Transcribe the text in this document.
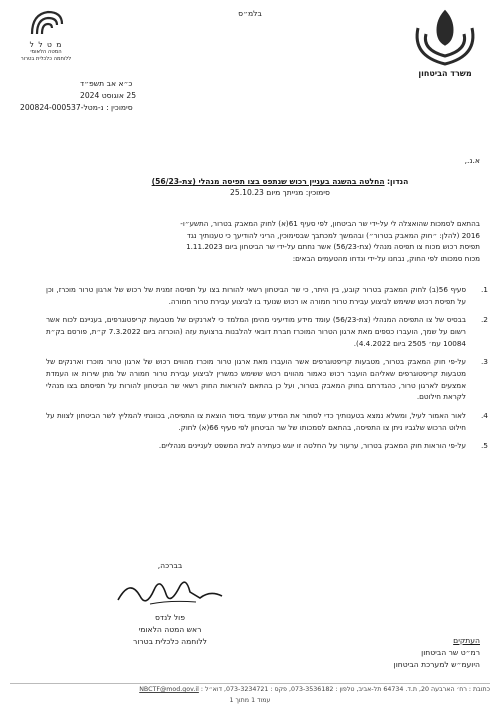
בלמ״ס
משרד הביטחון
מ ט ל ל
המטה הלאומי
ללוחמה כלכלית בטרור
כ״א אב תשפ״ד
25 אוגוסט 2024
סימוכין : נ-מטל-200824-000537
א.נ.,
הנדון: החלטה בהשגה בעניין רכוש שנתפס בצו תפיסה מנהלי (צת-56/23)
סימוכין: מנייתך מיום 25.10.23
בהתאם לסמכות שהואצלה לי על-ידי שר הביטחון, לפי סעיף 61(א) לחוק המאבק בטרור, התשע״ו-
2016 (להלן: ״חוק המאבק בטרור״) ובהמשך למכתבך שבסימוכין, הריני להודיעך כי טענותיך נגד
תפיסת רכוש מכוח צו תפיסה מנהלי (צת-56/23) אשר נחתם על-ידי שר הביטחון ביום 1.11.2023
מכוח סמכותו לפי החוק, נבחנו על-ידי ונדחו מהטעמים הבאים:
1.
סעיף 56(ב) לחוק המאבק בטרור קובע, בין היתר, כי שר הביטחון רשאי להורות בצו על תפיסה זמנית של רכוש של ארגון טרור מוכרז, וכן על תפיסת רכוש ששימש לביצוע עבירת טרור חמורה או רכוש שנועד בו לביצוע עבירת טרור חמורה.
2.
בבסיס של צו התפיסה המנהלי (צת-56/23) עומד מידע מודיעיני מהימן המלמד כי לארנקים של מטבעות קריפטוגרפים, בעניינם לכוח אשר רשום על שמך, הועברו כספים מאת ארגון הטרור המוכרז חברת דובאי להלבנות ברצועת עזה (הוכרזה ביום 7.3.2022 ק״ת, פורסם בק״ת 10084 עמ׳ 2505 ביום 4.4.2022).
3.
על-פי חוק המאבק בטרור, מטבעות קריפטוגרפים אשר הועברו מאת ארגון טרור מוכרז מהווים רכוש של ארגון טרור מוכרז וארנקים של מטבעות קריפטוגרפים שאליהם הועבר רכוש כאמור מהווים רכוש ששימש כמשרין לביצוע עבירת טרור חמורה של מתן שירות או העמדת אמצעים לארגון טרור, כהגדרתם בחוק המאבק בטרור, ועל כן בהתאם להוראות החוק רשאי שר הביטחון להורות על תפיסתם בצו מנהלי לקראת חילוטם.
4.
לאור האמור לעיל, ומשלא נמצא בטענותיך כדי לסתור את המידע שעמד ביסוד הוצאת צו התפיסה, בכוונתי להמליץ לשר הביטחון לצוות על חילוט הרכוש שלגביו ניתן צו התפיסה, בהתאם לסמכותו של שר הביטחון לפי סעיף 66(א) לחוק.
5.
על-פי הוראות חוק המאבק בטרור, ערעור על החלטה זו יוגש כעתירה לבית המשפט לעניינים מנהליים.
בברכה,
פול לנדס
ראש המטה הלאומי
ללוחמה כלכלית בטרור	העתקים
רמ״ט שר הביטחון
היועמ״ש למערכת הביטחון
כתובת : רח׳ הארבעה 20, ת.ד. 64734 תל-אביב, טלפון : 073-3536182, פקס : 073-3234721, דוא״ל : NBCTF@mod.gov.il
עמוד 1 מתוך 1
